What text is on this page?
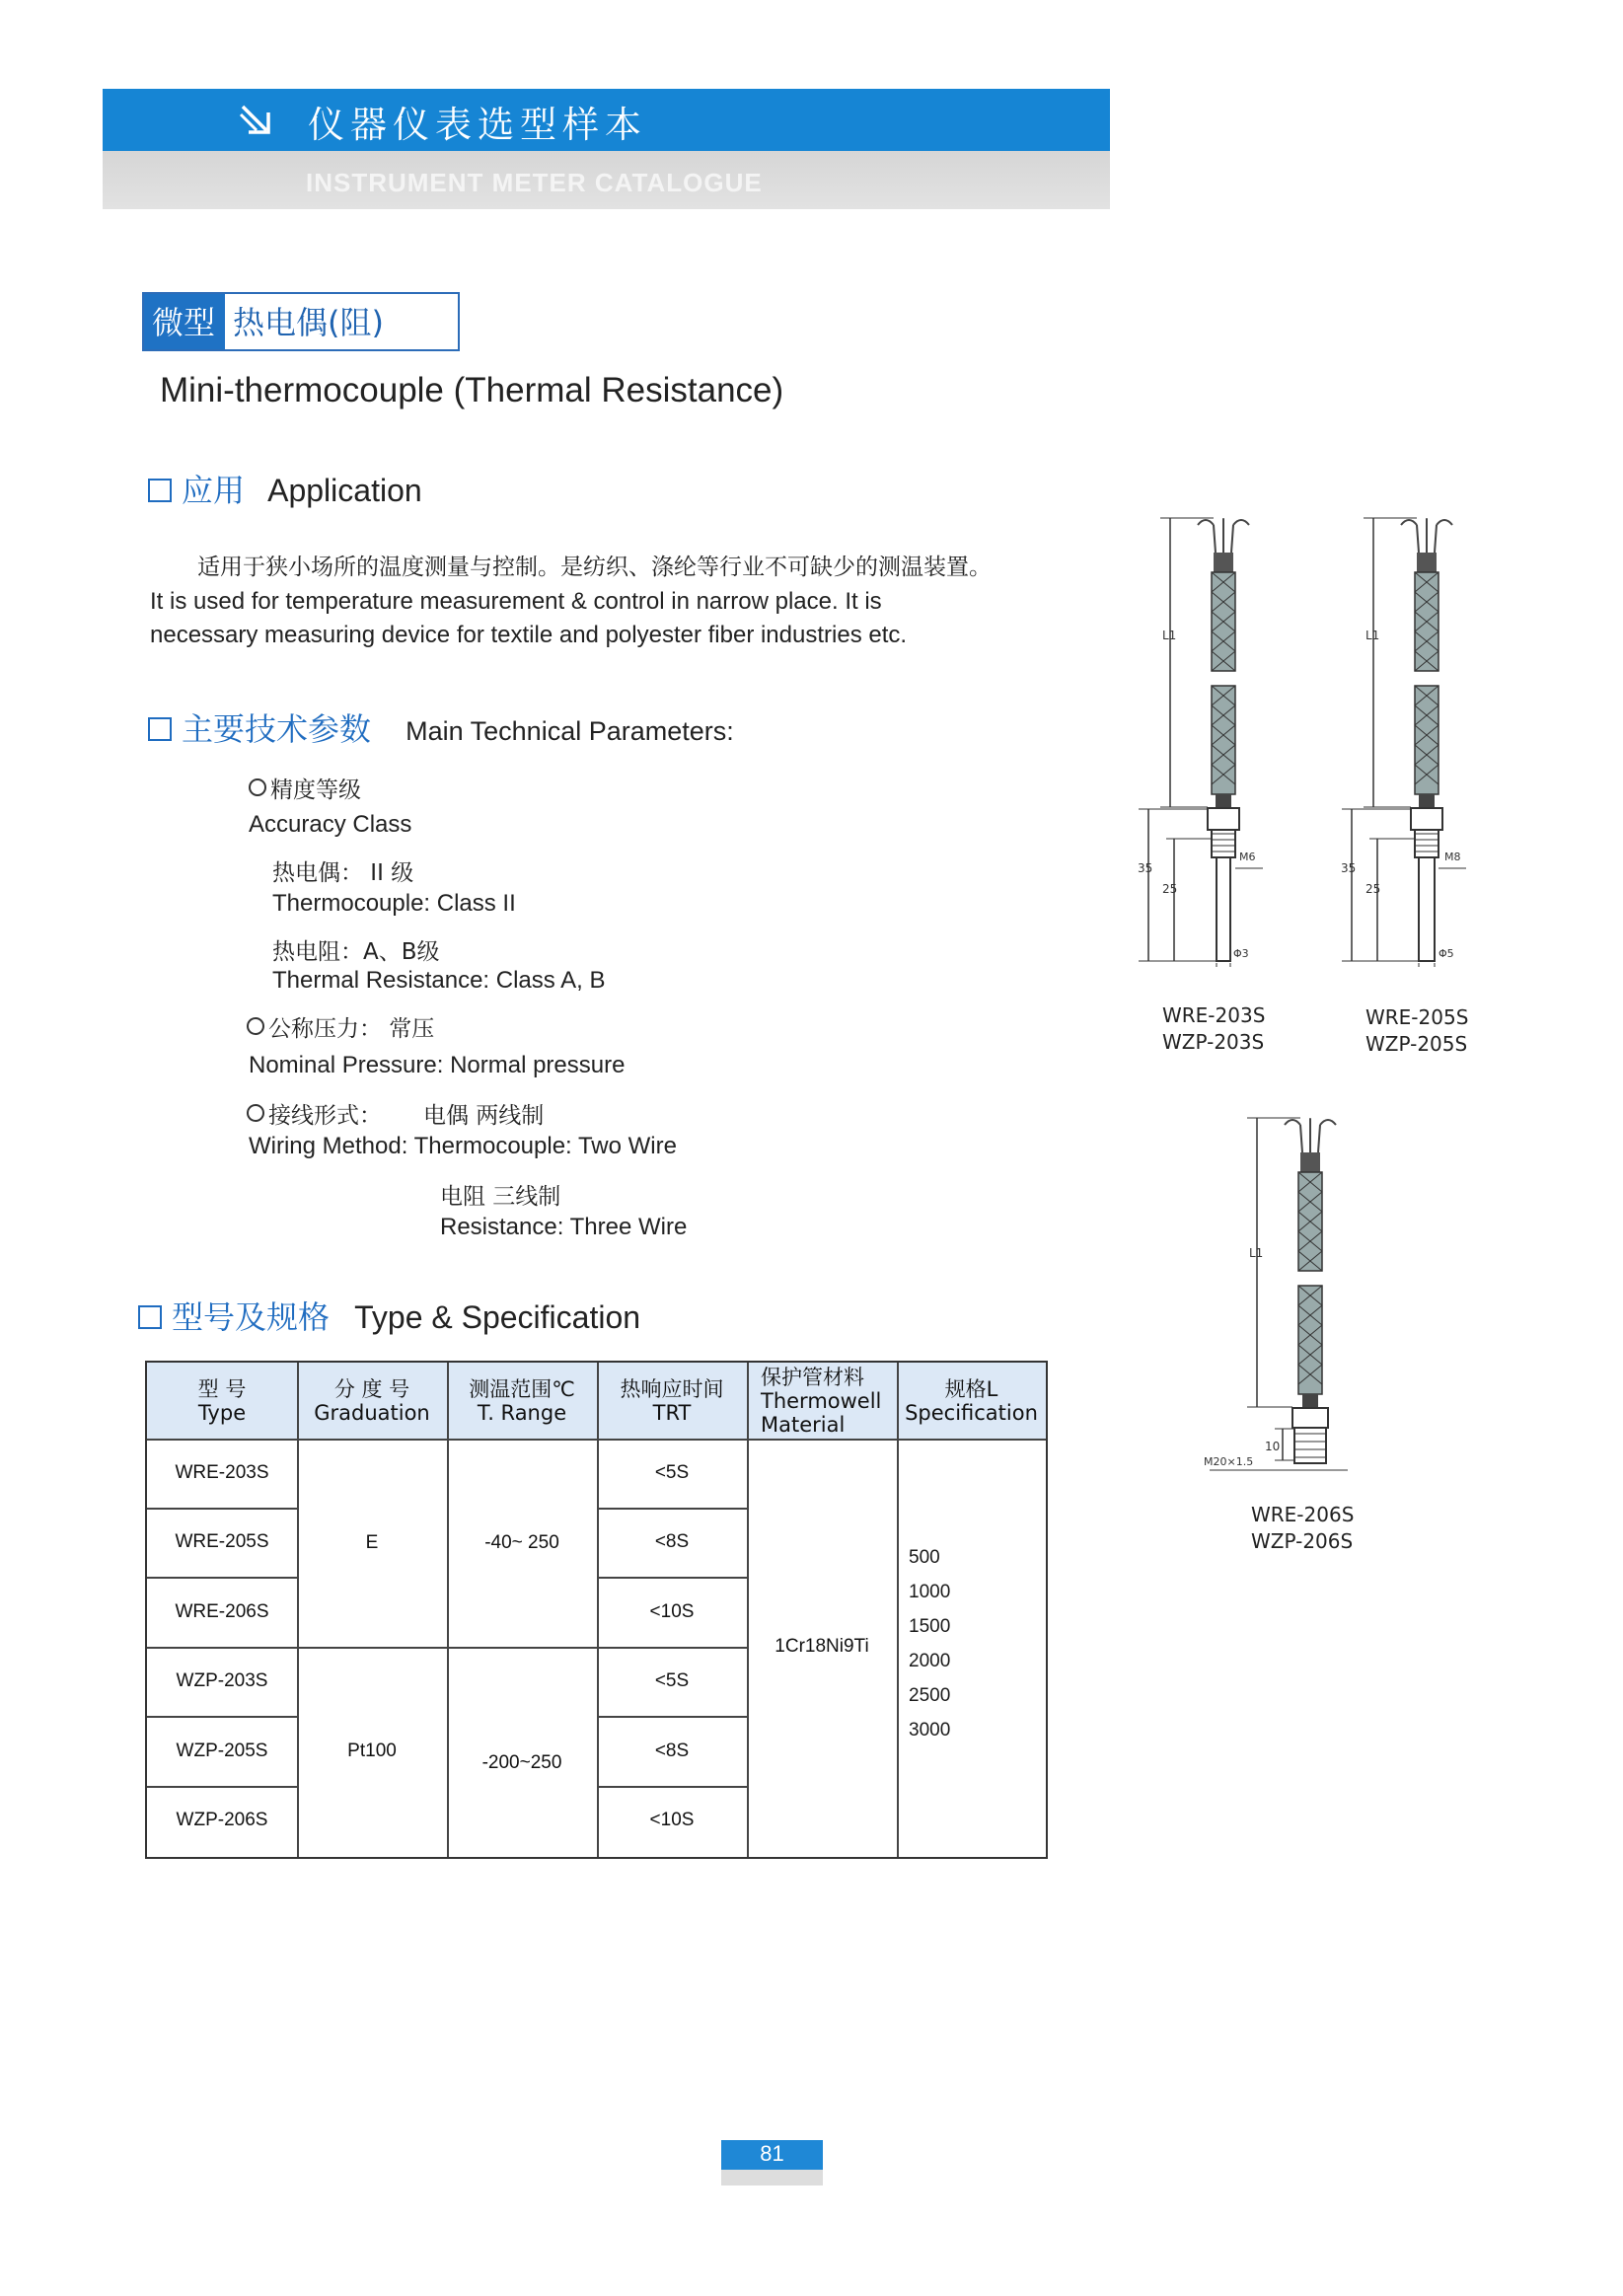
仪器仪表选型样本
INSTRUMENT METER CATALOGUE
微型 热电偶(阻)
Mini-thermocouple (Thermal Resistance)
应用 Application
适用于狭小场所的温度测量与控制。是纺织、涤纶等行业不可缺少的测温装置。
It is used for temperature measurement & control in narrow place. It is
necessary measuring device for textile and polyester fiber industries etc.
主要技术参数 Main Technical Parameters:
精度等级
Accuracy Class
热电偶： II 级
Thermocouple: Class II
热电阻：A、B级
Thermal Resistance: Class A, B
公称压力： 常压
Nominal Pressure: Normal pressure
接线形式： 电偶 两线制
Wiring Method: Thermocouple: Two Wire
电阻 三线制
Resistance: Three Wire
型号及规格 Type & Specification
型 号
Type
分 度 号
Graduation
测温范围℃
T. Range
热响应时间
TRT
保护管材料
Thermowell Material
规格L
Specification
WRE-203S
WRE-205S
WRE-206S
WZP-203S
WZP-205S
WZP-206S
E
Pt100
-40~ 250
-200~250
<5S
<8S
<10S
<5S
<8S
<10S
1Cr18Ni9Ti
500
1000
1500
2000
2500
3000
L1
35
25
M6
Φ3
WRE-203S
WZP-203S
L1
35
25
M8
Φ5
WRE-205S
WZP-205S
L1
10
M20×1.5
WRE-206S
WZP-206S
81
